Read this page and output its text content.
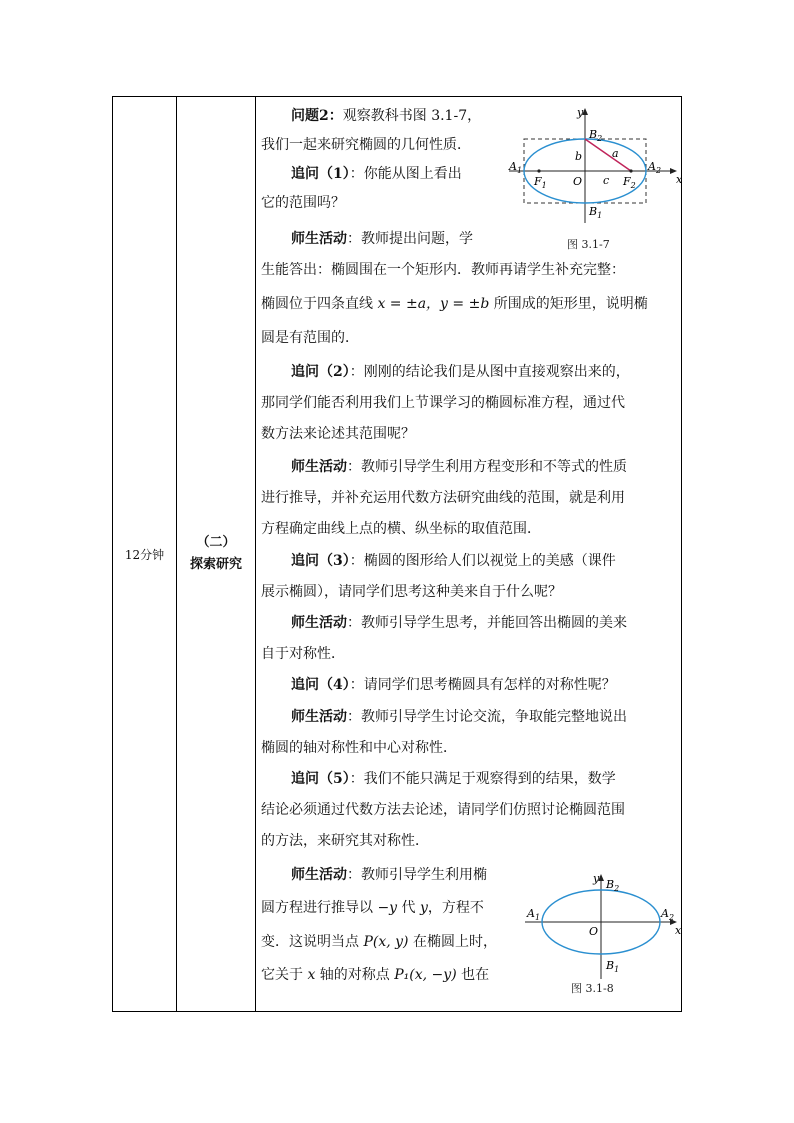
12分钟
（二）
探索研究
问题2：观察教科书图 3.1-7，
我们一起来研究椭圆的几何性质．
追问（1）：你能从图上看出
它的范围吗？
师生活动：教师提出问题，学
生能答出：椭圆围在一个矩形内．教师再请学生补充完整：
椭圆位于四条直线 x = ±a，y = ±b 所围成的矩形里，说明椭
圆是有范围的．
追问（2）：刚刚的结论我们是从图中直接观察出来的，
那同学们能否利用我们上节课学习的椭圆标准方程，通过代
数方法来论述其范围呢？
师生活动：教师引导学生利用方程变形和不等式的性质
进行推导，并补充运用代数方法研究曲线的范围，就是利用
方程确定曲线上点的横、纵坐标的取值范围．
追问（3）：椭圆的图形给人们以视觉上的美感（课件
展示椭圆），请同学们思考这种美来自于什么呢？
师生活动：教师引导学生思考，并能回答出椭圆的美来
自于对称性．
追问（4）：请同学们思考椭圆具有怎样的对称性呢？
师生活动：教师引导学生讨论交流，争取能完整地说出
椭圆的轴对称性和中心对称性．
追问（5）：我们不能只满足于观察得到的结果，数学
结论必须通过代数方法去论述，请同学们仿照讨论椭圆范围
的方法，来研究其对称性．
师生活动：教师引导学生利用椭
圆方程进行推导以 −y 代 y，方程不
变．这说明当点 P(x, y) 在椭圆上时，
它关于 x 轴的对称点 P₁(x, −y) 也在
y
x
$B_2$
$A_1$	$A_2$
b	a
c
O
$F_1$	$F_2$
$B_1$
图 3.1-7
y
x
$B_2$
$A_1$	$A_2$
O
$B_1$
图 3.1-8
